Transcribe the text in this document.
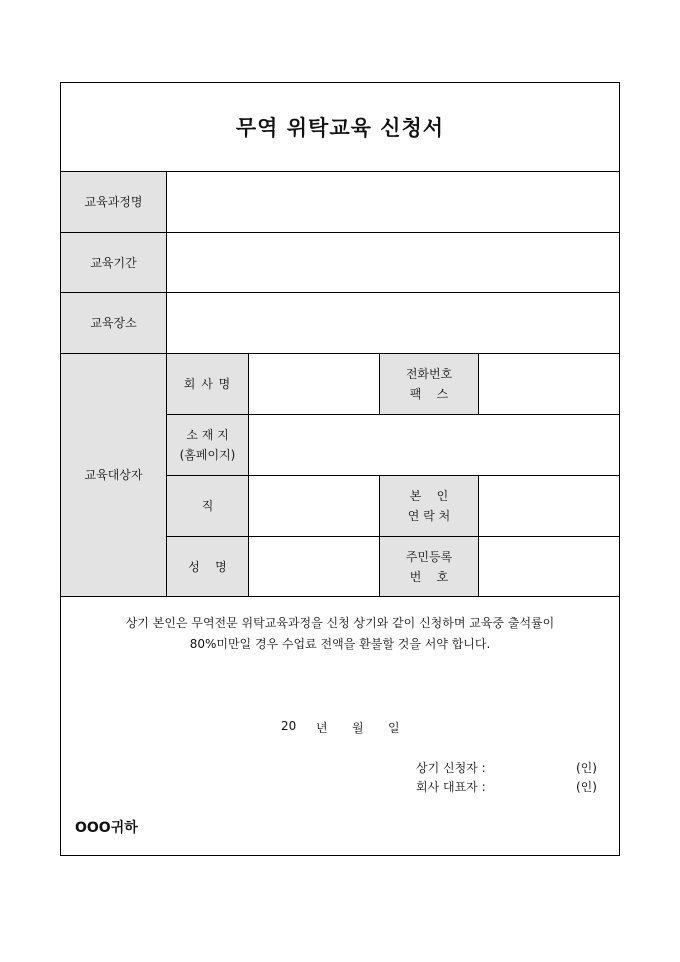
무역 위탁교육 신청서
교육과정명
교육기간
교육장소
교육대상자
회 사 명
전화번호
팩    스
소 재 지
(홈페이지)
직
본    인
연 락 처
성    명
주민등록
번    호
상기 본인은 무역전문 위탁교육과정을 신청 상기와 같이 신청하며 교육중 출석률이
80%미만일 경우 수업료 전액을 환불할 것을 서약 합니다.
20 년 월 일
상기 신청자 :	(인)
회사 대표자 :	(인)
OOO귀하
